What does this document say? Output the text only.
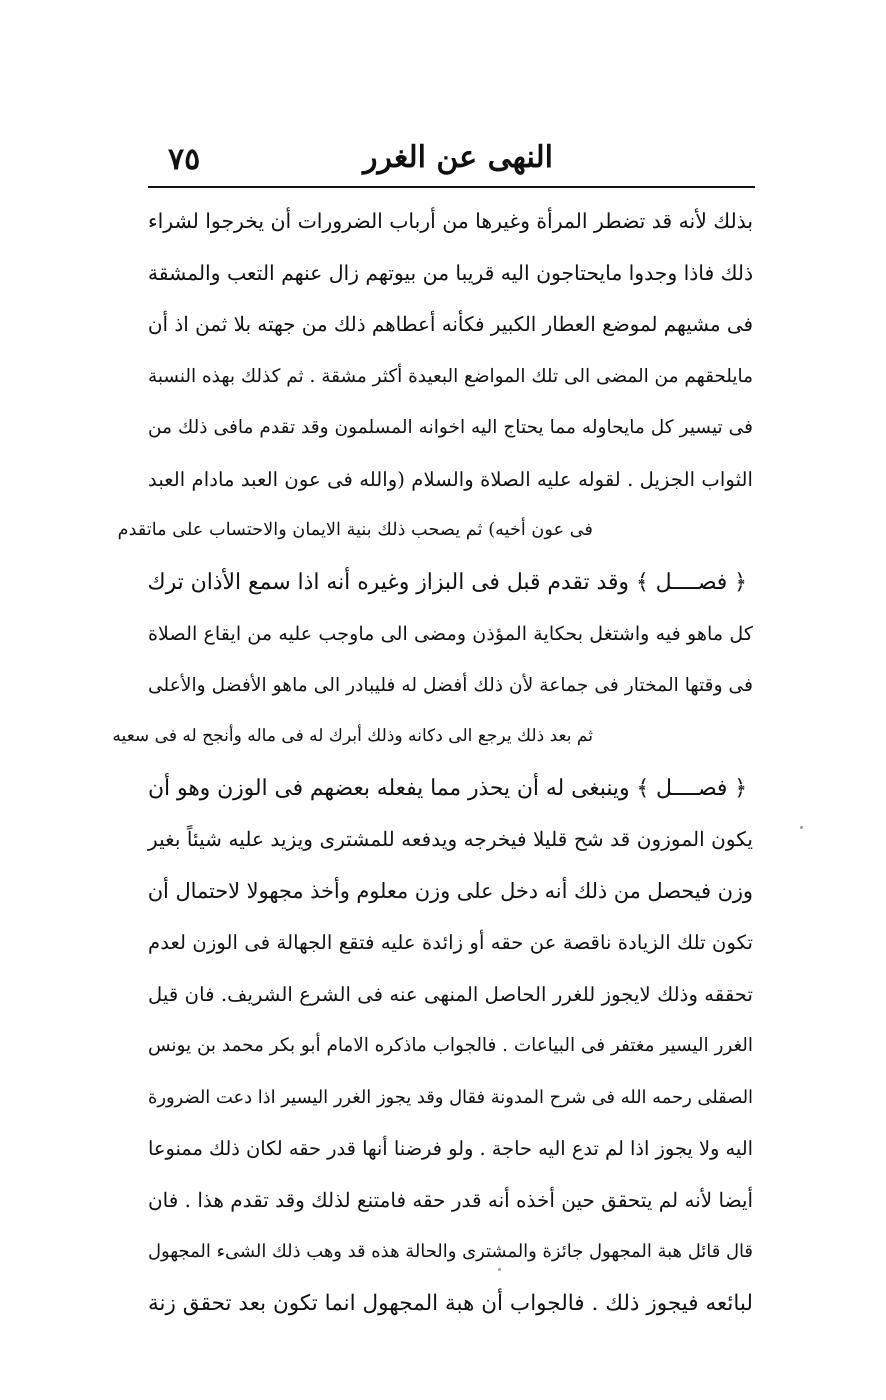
٧٥	النهى عن الغرر
بذلك لأنه قد تضطر المرأة وغيرها من أرباب الضرورات أن يخرجوا لشراء
ذلك فاذا وجدوا مايحتاجون اليه قريبا من بيوتهم زال عنهم التعب والمشقة
فى مشيهم لموضع العطار الكبير فكأنه أعطاهم ذلك من جهته بلا ثمن اذ أن
مايلحقهم من المضى الى تلك المواضع البعيدة أكثر مشقة . ثم كذلك بهذه النسبة
فى تيسير كل مايحاوله مما يحتاج اليه اخوانه المسلمون وقد تقدم مافى ذلك من
الثواب الجزيل . لقوله عليه الصلاة والسلام (والله فى عون العبد مادام العبد
فى عون أخيه) ثم يصحب ذلك بنية الايمان والاحتساب على ماتقدم
﴿ فصــــل ﴾ وقد تقدم قبل فى البزاز وغيره أنه اذا سمع الأذان ترك
كل ماهو فيه واشتغل بحكاية المؤذن ومضى الى ماوجب عليه من ايقاع الصلاة
فى وقتها المختار فى جماعة لأن ذلك أفضل له فليبادر الى ماهو الأفضل والأعلى
ثم بعد ذلك يرجع الى دكانه وذلك أبرك له فى ماله وأنجح له فى سعيه
﴿ فصــــل ﴾ وينبغى له أن يحذر مما يفعله بعضهم فى الوزن وهو أن
يكون الموزون قد شح قليلا فيخرجه ويدفعه للمشترى ويزيد عليه شيئاً بغير
وزن فيحصل من ذلك أنه دخل على وزن معلوم وأخذ مجهولا لاحتمال أن
تكون تلك الزيادة ناقصة عن حقه أو زائدة عليه فتقع الجهالة فى الوزن لعدم
تحققه وذلك لايجوز للغرر الحاصل المنهى عنه فى الشرع الشريف. فان قيل
الغرر اليسير مغتفر فى البياعات . فالجواب ماذكره الامام أبو بكر محمد بن يونس
الصقلى رحمه الله فى شرح المدونة فقال وقد يجوز الغرر اليسير اذا دعت الضرورة
اليه ولا يجوز اذا لم تدع اليه حاجة . ولو فرضنا أنها قدر حقه لكان ذلك ممنوعا
أيضا لأنه لم يتحقق حين أخذه أنه قدر حقه فامتنع لذلك وقد تقدم هذا . فان
قال قائل هبة المجهول جائزة والمشترى والحالة هذه قد وهب ذلك الشىء المجهول
لبائعه فيجوز ذلك . فالجواب أن هبة المجهول انما تكون بعد تحقق زنة
